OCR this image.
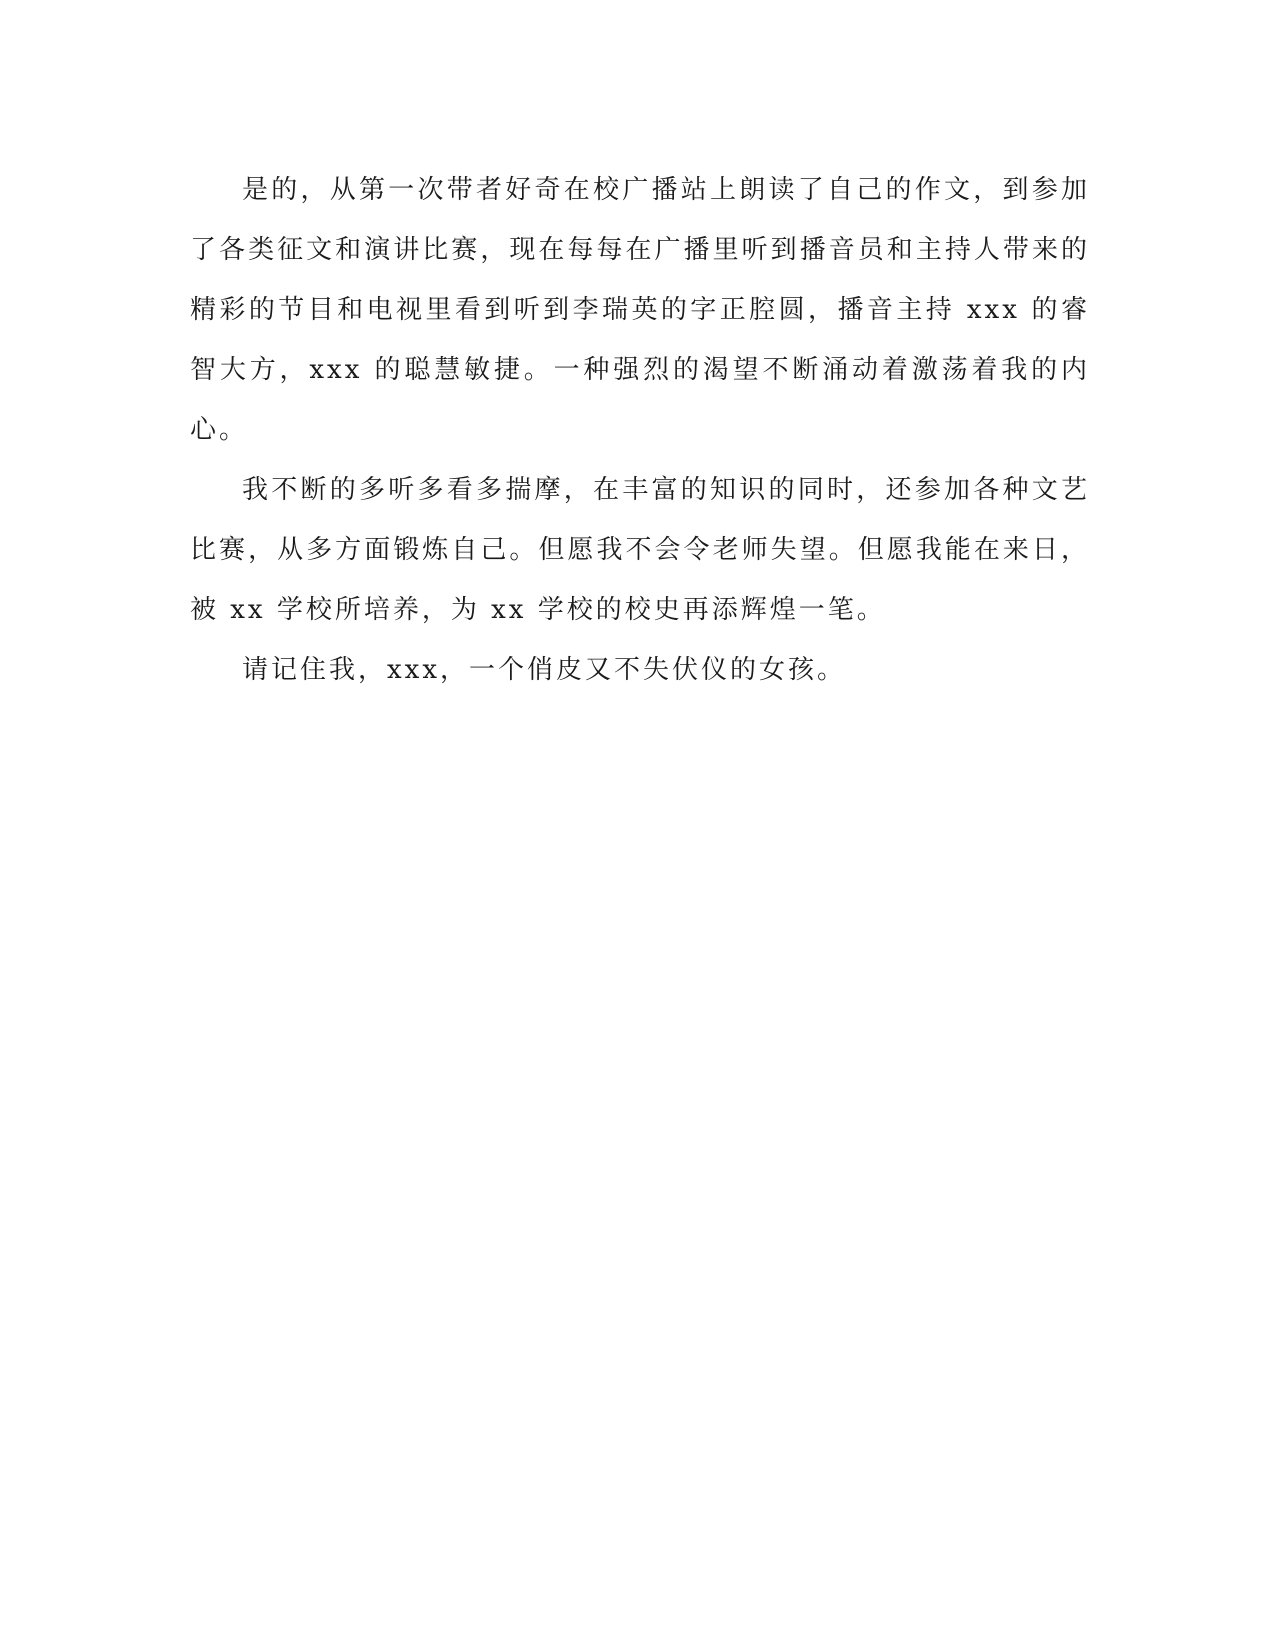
是的，从第一次带者好奇在校广播站上朗读了自己的作文，到参加了各类征文和演讲比赛，现在每每在广播里听到播音员和主持人带来的精彩的节目和电视里看到听到李瑞英的字正腔圆，播音主持 xxx 的睿智大方，xxx 的聪慧敏捷。一种强烈的渴望不断涌动着激荡着我的内心。

我不断的多听多看多揣摩，在丰富的知识的同时，还参加各种文艺比赛，从多方面锻炼自己。但愿我不会令老师失望。但愿我能在来日，被 xx 学校所培养，为 xx 学校的校史再添辉煌一笔。

请记住我，xxx，一个俏皮又不失伏仪的女孩。
